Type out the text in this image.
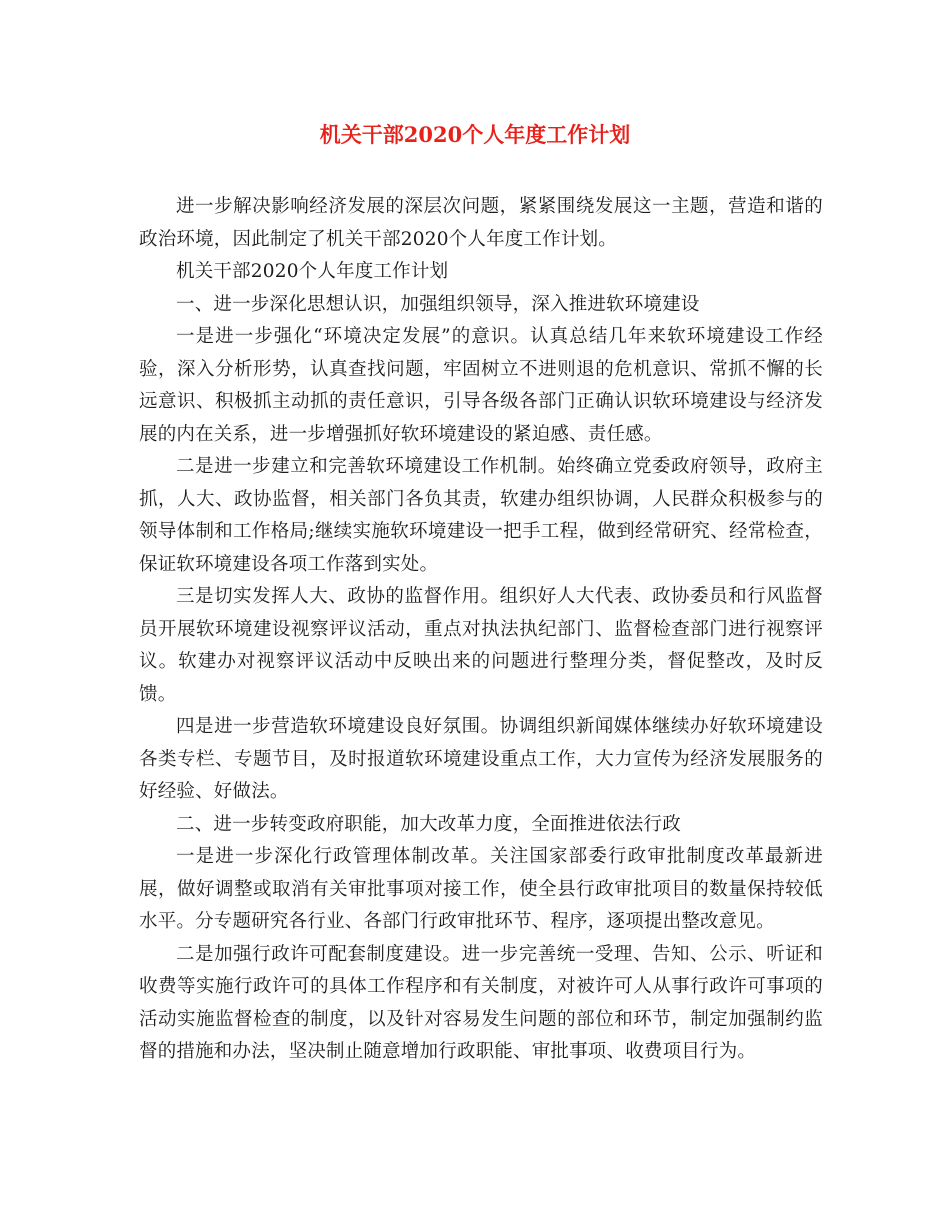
机关干部2020个人年度工作计划

进一步解决影响经济发展的深层次问题，紧紧围绕发展这一主题，营造和谐的政治环境，因此制定了机关干部2020个人年度工作计划。

机关干部2020个人年度工作计划

一、进一步深化思想认识，加强组织领导，深入推进软环境建设

一是进一步强化“环境决定发展”的意识。认真总结几年来软环境建设工作经验，深入分析形势，认真查找问题，牢固树立不进则退的危机意识、常抓不懈的长远意识、积极抓主动抓的责任意识，引导各级各部门正确认识软环境建设与经济发展的内在关系，进一步增强抓好软环境建设的紧迫感、责任感。

二是进一步建立和完善软环境建设工作机制。始终确立党委政府领导，政府主抓，人大、政协监督，相关部门各负其责，软建办组织协调，人民群众积极参与的领导体制和工作格局;继续实施软环境建设一把手工程，做到经常研究、经常检查，保证软环境建设各项工作落到实处。

三是切实发挥人大、政协的监督作用。组织好人大代表、政协委员和行风监督员开展软环境建设视察评议活动，重点对执法执纪部门、监督检查部门进行视察评议。软建办对视察评议活动中反映出来的问题进行整理分类，督促整改，及时反馈。

四是进一步营造软环境建设良好氛围。协调组织新闻媒体继续办好软环境建设各类专栏、专题节目，及时报道软环境建设重点工作，大力宣传为经济发展服务的好经验、好做法。

二、进一步转变政府职能，加大改革力度，全面推进依法行政

一是进一步深化行政管理体制改革。关注国家部委行政审批制度改革最新进展，做好调整或取消有关审批事项对接工作，使全县行政审批项目的数量保持较低水平。分专题研究各行业、各部门行政审批环节、程序，逐项提出整改意见。

二是加强行政许可配套制度建设。进一步完善统一受理、告知、公示、听证和收费等实施行政许可的具体工作程序和有关制度，对被许可人从事行政许可事项的活动实施监督检查的制度，以及针对容易发生问题的部位和环节，制定加强制约监督的措施和办法，坚决制止随意增加行政职能、审批事项、收费项目行为。
